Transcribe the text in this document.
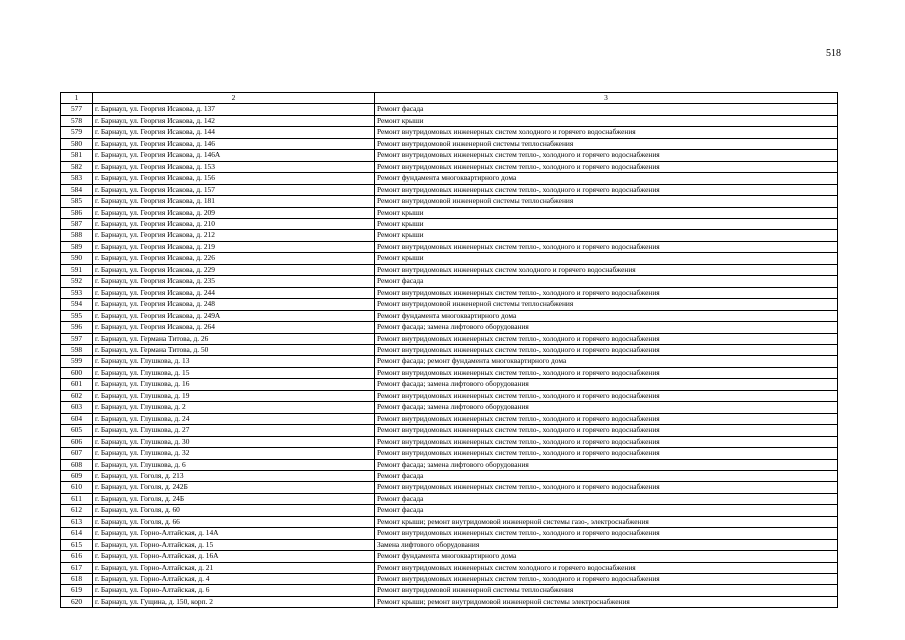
518
1	2	3
577	г. Барнаул, ул. Георгия Исакова, д. 137	Ремонт фасада
578	г. Барнаул, ул. Георгия Исакова, д. 142	Ремонт крыши
579	г. Барнаул, ул. Георгия Исакова, д. 144	Ремонт внутридомовых инженерных систем холодного и горячего водоснабжения
580	г. Барнаул, ул. Георгия Исакова, д. 146	Ремонт внутридомовой инженерной системы теплоснабжения
581	г. Барнаул, ул. Георгия Исакова, д. 146А	Ремонт внутридомовых инженерных систем тепло-, холодного и горячего водоснабжения
582	г. Барнаул, ул. Георгия Исакова, д. 153	Ремонт внутридомовых инженерных систем тепло-, холодного и горячего водоснабжения
583	г. Барнаул, ул. Георгия Исакова, д. 156	Ремонт фундамента многоквартирного дома
584	г. Барнаул, ул. Георгия Исакова, д. 157	Ремонт внутридомовых инженерных систем тепло-, холодного и горячего водоснабжения
585	г. Барнаул, ул. Георгия Исакова, д. 181	Ремонт внутридомовой инженерной системы теплоснабжения
586	г. Барнаул, ул. Георгия Исакова, д. 209	Ремонт крыши
587	г. Барнаул, ул. Георгия Исакова, д. 210	Ремонт крыши
588	г. Барнаул, ул. Георгия Исакова, д. 212	Ремонт крыши
589	г. Барнаул, ул. Георгия Исакова, д. 219	Ремонт внутридомовых инженерных систем тепло-, холодного и горячего водоснабжения
590	г. Барнаул, ул. Георгия Исакова, д. 226	Ремонт крыши
591	г. Барнаул, ул. Георгия Исакова, д. 229	Ремонт внутридомовых инженерных систем холодного и горячего водоснабжения
592	г. Барнаул, ул. Георгия Исакова, д. 235	Ремонт фасада
593	г. Барнаул, ул. Георгия Исакова, д. 244	Ремонт внутридомовых инженерных систем тепло-, холодного и горячего водоснабжения
594	г. Барнаул, ул. Георгия Исакова, д. 248	Ремонт внутридомовой инженерной системы теплоснабжения
595	г. Барнаул, ул. Георгия Исакова, д. 249А	Ремонт фундамента многоквартирного дома
596	г. Барнаул, ул. Георгия Исакова, д. 264	Ремонт фасада; замена лифтового оборудования
597	г. Барнаул, ул. Германа Титова, д. 26	Ремонт внутридомовых инженерных систем тепло-, холодного и горячего водоснабжения
598	г. Барнаул, ул. Германа Титова, д. 50	Ремонт внутридомовых инженерных систем тепло-, холодного и горячего водоснабжения
599	г. Барнаул, ул. Глушкова, д. 13	Ремонт фасада; ремонт фундамента многоквартирного дома
600	г. Барнаул, ул. Глушкова, д. 15	Ремонт внутридомовых инженерных систем тепло-, холодного и горячего водоснабжения
601	г. Барнаул, ул. Глушкова, д. 16	Ремонт фасада; замена лифтового оборудования
602	г. Барнаул, ул. Глушкова, д. 19	Ремонт внутридомовых инженерных систем тепло-, холодного и горячего водоснабжения
603	г. Барнаул, ул. Глушкова, д. 2	Ремонт фасада; замена лифтового оборудования
604	г. Барнаул, ул. Глушкова, д. 24	Ремонт внутридомовых инженерных систем тепло-, холодного и горячего водоснабжения
605	г. Барнаул, ул. Глушкова, д. 27	Ремонт внутридомовых инженерных систем тепло-, холодного и горячего водоснабжения
606	г. Барнаул, ул. Глушкова, д. 30	Ремонт внутридомовых инженерных систем тепло-, холодного и горячего водоснабжения
607	г. Барнаул, ул. Глушкова, д. 32	Ремонт внутридомовых инженерных систем тепло-, холодного и горячего водоснабжения
608	г. Барнаул, ул. Глушкова, д. 6	Ремонт фасада; замена лифтового оборудования
609	г. Барнаул, ул. Гоголя, д. 213	Ремонт фасада
610	г. Барнаул, ул. Гоголя, д. 242Б	Ремонт внутридомовых инженерных систем тепло-, холодного и горячего водоснабжения
611	г. Барнаул, ул. Гоголя, д. 24Б	Ремонт фасада
612	г. Барнаул, ул. Гоголя, д. 60	Ремонт фасада
613	г. Барнаул, ул. Гоголя, д. 66	Ремонт крыши; ремонт внутридомовой инженерной системы газо-, электроснабжения
614	г. Барнаул, ул. Горно-Алтайская, д. 14А	Ремонт внутридомовых инженерных систем тепло-, холодного и горячего водоснабжения
615	г. Барнаул, ул. Горно-Алтайская, д. 15	Замена лифтового оборудования
616	г. Барнаул, ул. Горно-Алтайская, д. 16А	Ремонт фундамента многоквартирного дома
617	г. Барнаул, ул. Горно-Алтайская, д. 21	Ремонт внутридомовых инженерных систем холодного и горячего водоснабжения
618	г. Барнаул, ул. Горно-Алтайская, д. 4	Ремонт внутридомовых инженерных систем тепло-, холодного и горячего водоснабжения
619	г. Барнаул, ул. Горно-Алтайская, д. 6	Ремонт внутридомовой инженерной системы теплоснабжения
620	г. Барнаул, ул. Гущина, д. 150, корп. 2	Ремонт крыши; ремонт внутридомовой инженерной системы электроснабжения
